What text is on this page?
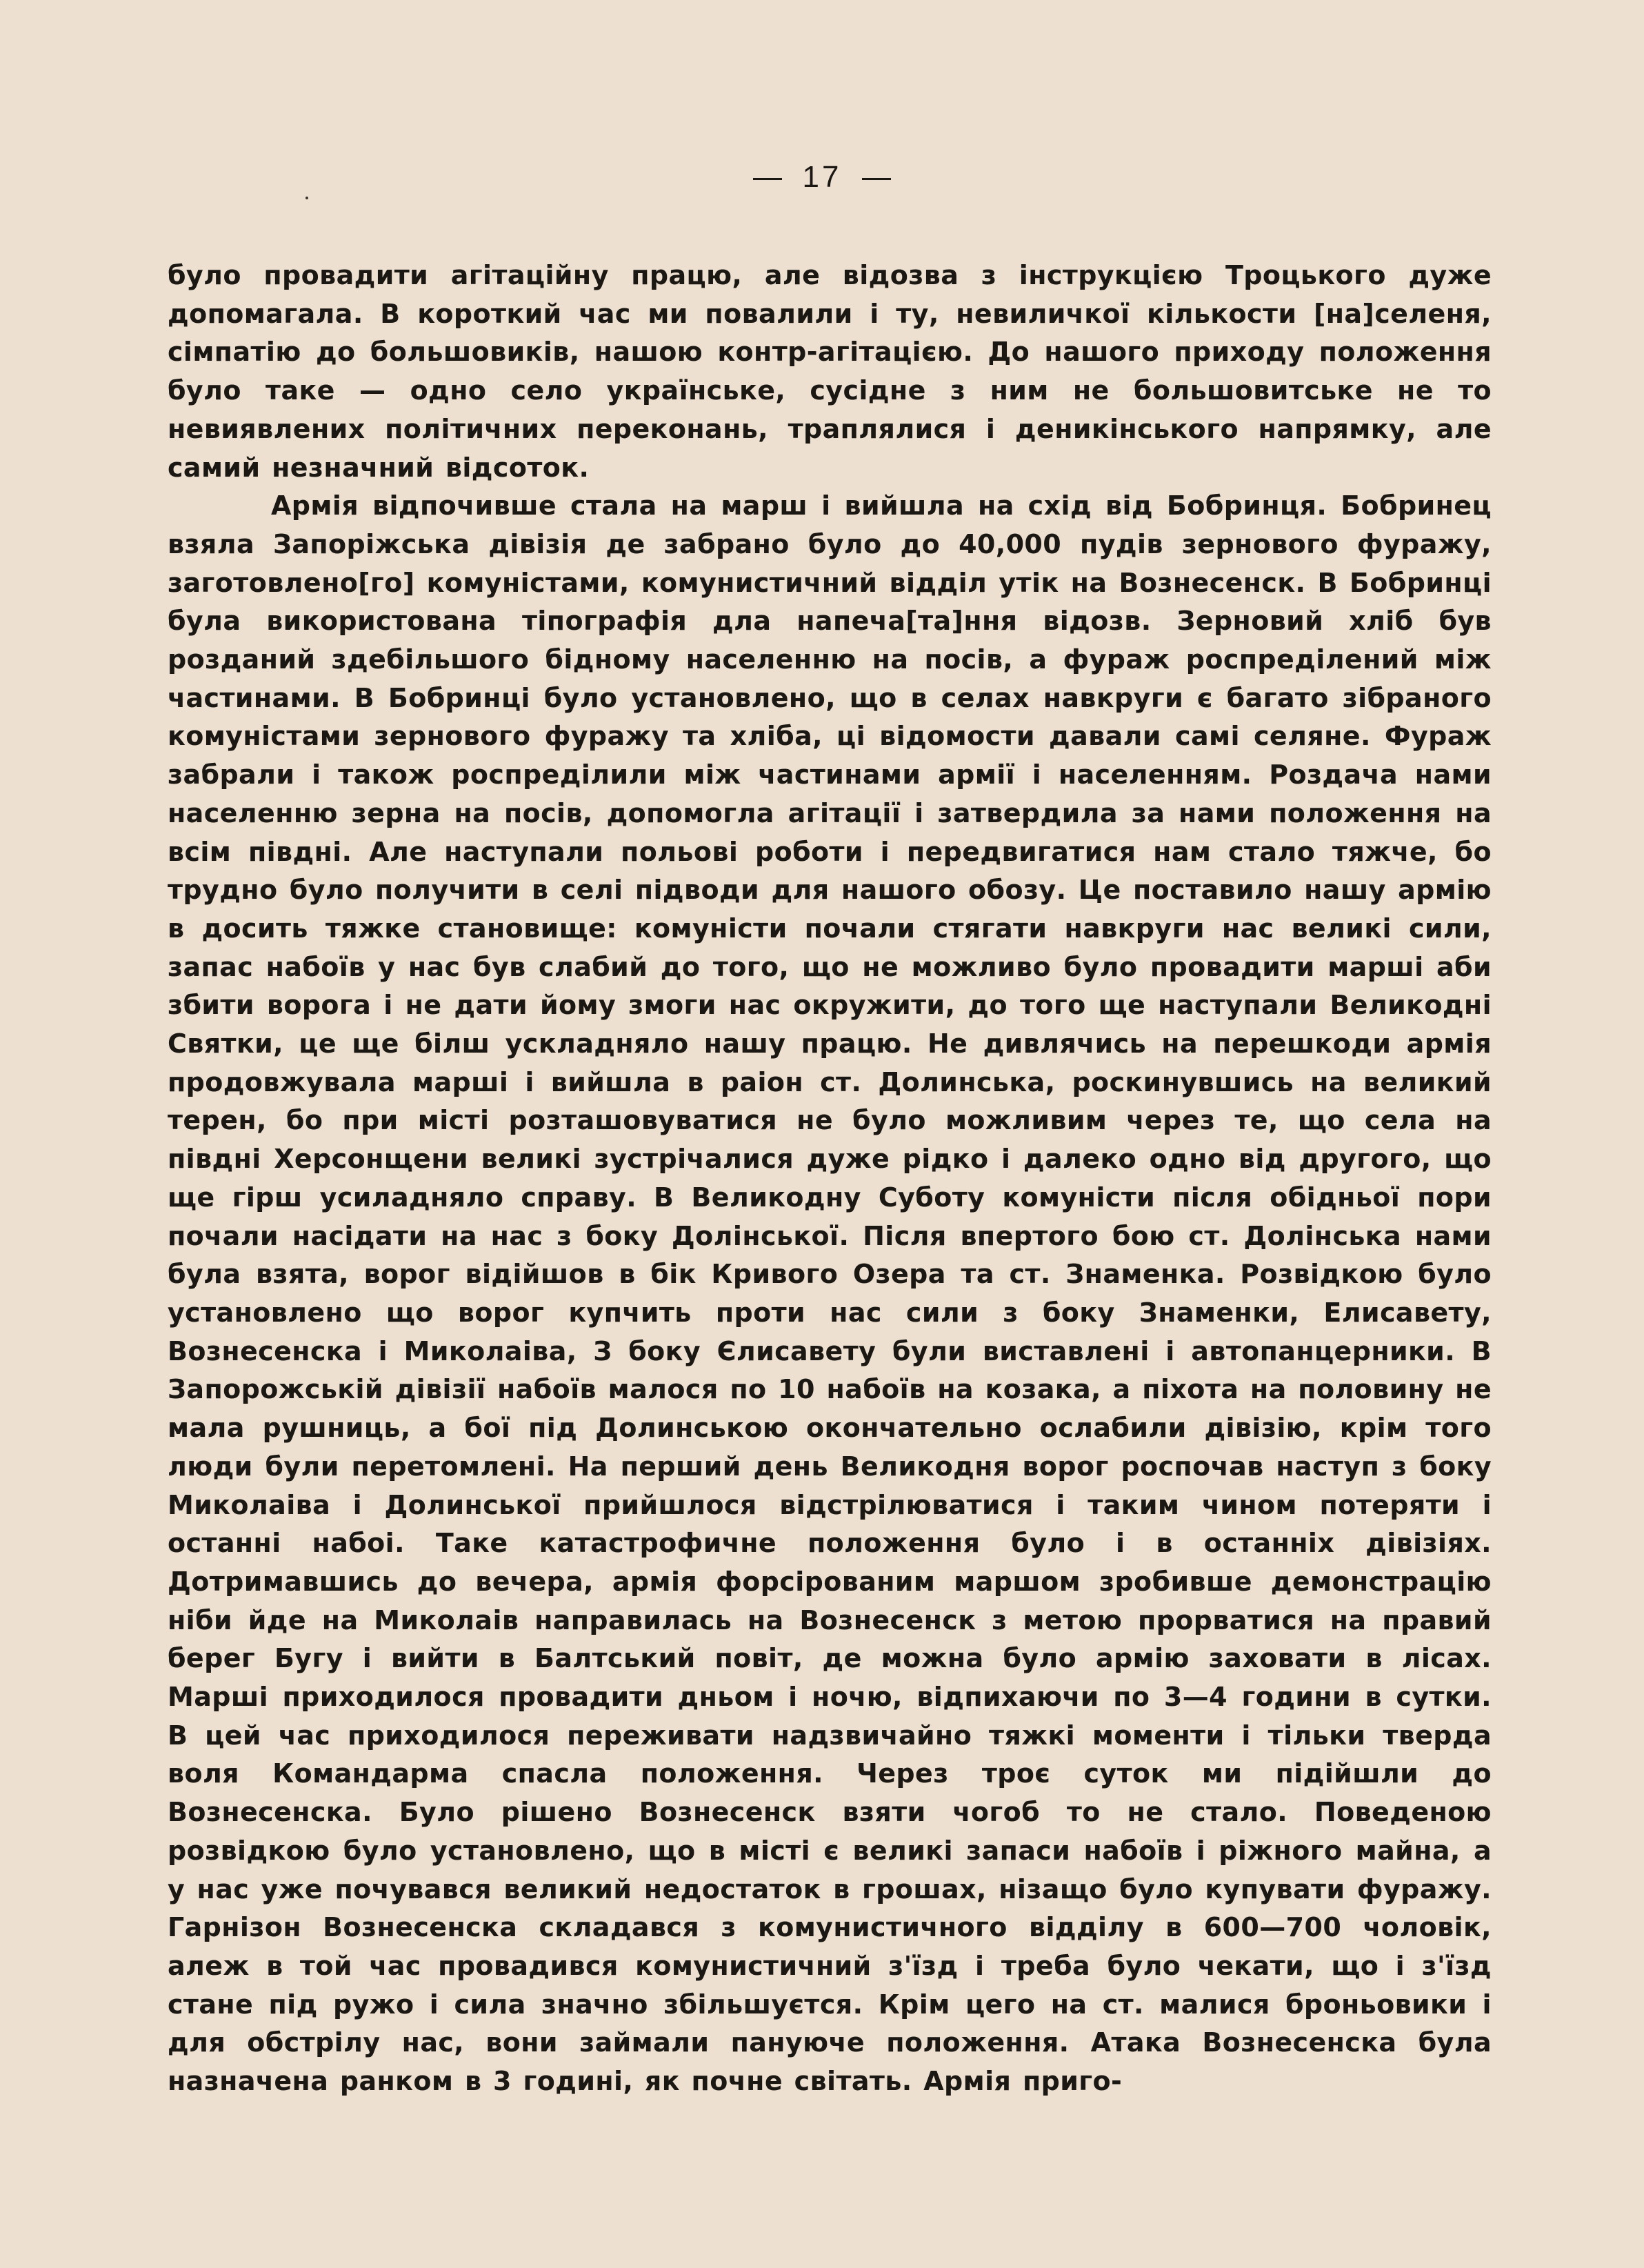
17

було провадити агітаційну працю, але відозва з інструкцією Троцького дуже допомагала. В короткий час ми повалили і ту, невиличкої кількости [на]селеня, сімпатію до большовиків, нашою контр-агітацією. До нашого приходу положення було таке — одно село українське, сусідне з ним не большовитське не то невиявлених політичних переконань, траплялися і деникінського напрямку, але самий незначний відсоток.

Армія відпочивше стала на марш і вийшла на схід від Бобринця. Бобринец взяла Запоріжська дівізія де забрано було до 40,000 пудів зернового фуражу, заготовлено[го] комуністами, комунистичний відділ утік на Вознесенск. В Бобринці була використована тіпографія дла напеча[та]ння відозв. Зерновий хліб був розданий здебільшого бідному населенню на посів, а фураж роспреділений між частинами. В Бобринці було установлено, що в селах навкруги є багато зібраного комуністами зернового фуражу та хліба, ці відомости давали самі селяне. Фураж забрали і також роспреділили між частинами армії і населенням. Роздача нами населенню зерна на посів, допомогла агітації і затвердила за нами положення на всім півдні. Але наступали польові роботи і передвигатися нам стало тяжче, бо трудно було получити в селі підводи для нашого обозу. Це поставило нашу армію в досить тяжке становище: комуністи почали стягати навкруги нас великі сили, запас набоїв у нас був слабий до того, що не можливо було провадити марші аби збити ворога і не дати йому змоги нас окружити, до того ще наступали Великодні Святки, це ще білш ускладняло нашу працю. Не дивлячись на перешкоди армія продовжувала марші і вийшла в раіон ст. Долинська, роскинувшись на великий терен, бо при місті розташовуватися не було можливим через те, що села на півдні Херсонщени великі зустрічалися дуже рідко і далеко одно від другого, що ще гірш усиладняло справу. В Великодну Суботу комуністи після обідньої пори почали насідати на нас з боку Долінської. Після впертого бою ст. Долінська нами була взята, ворог відійшов в бік Кривого Озера та ст. Знаменка. Розвідкою було установлено що ворог купчить проти нас сили з боку Знаменки, Елисавету, Вознесенска і Миколаіва, З боку Єлисавету були виставлені і автопанцерники. В Запорожській дівізії набоїв малося по 10 набоїв на козака, а піхота на половину не мала рушниць, а бої під Долинською окончательно ослабили дівізію, крім того люди були перетомлені. На перший день Великодня ворог роспочав наступ з боку Миколаіва і Долинської прийшлося відстрілюватися і таким чином потеряти і останні набоі. Таке катастрофичне положення було і в останніх дівізіях. Дотримавшись до вечера, армія форсірованим маршом зробивше демонстрацію ніби йде на Миколаів направилась на Вознесенск з метою прорватися на правий берег Бугу і вийти в Балтський повіт, де можна було армію заховати в лісах. Марші приходилося провадити дньом і ночю, відпихаючи по 3—4 години в сутки. В цей час приходилося переживати надзвичайно тяжкі моменти і тільки тверда воля Командарма спасла положення. Через троє суток ми підійшли до Вознесенска. Було рішено Вознесенск взяти чогоб то не стало. Поведеною розвідкою було установлено, що в місті є великі запаси набоїв і ріжного майна, а у нас уже почувався великий недостаток в грошах, нізащо було купувати фуражу. Гарнізон Вознесенска складався з комунистичного відділу в 600—700 чоловік, алеж в той час провадився комунистичний з'їзд і треба було чекати, що і з'їзд стане під ружо і сила значно збільшуєтся. Крім цего на ст. малися броньовики і для обстрілу нас, вони займали пануюче положення. Атака Вознесенска була назначена ранком в 3 годині, як почне світать. Армія пригo-
